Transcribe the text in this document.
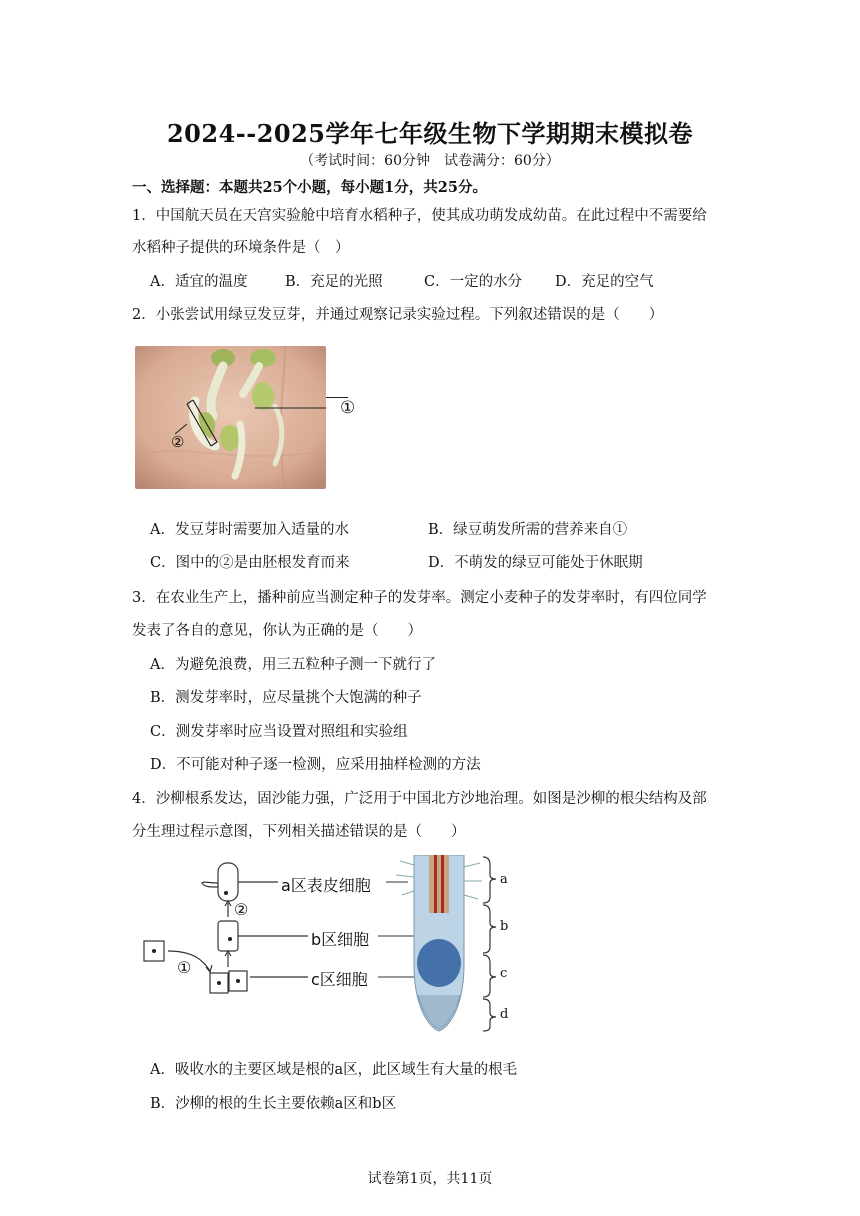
2024--2025学年七年级生物下学期期末模拟卷
（考试时间：60分钟　试卷满分：60分）
一、选择题：本题共25个小题，每小题1分，共25分。
1．中国航天员在天宫实验舱中培育水稻种子，使其成功萌发成幼苗。在此过程中不需要给
水稻种子提供的环境条件是（　）
A．适宜的温度	B．充足的光照	C．一定的水分 D．充足的空气
2．小张尝试用绿豆发豆芽，并通过观察记录实验过程。下列叙述错误的是（　　）
②
①
A．发豆芽时需要加入适量的水	B．绿豆萌发所需的营养来自①
C．图中的②是由胚根发育而来	D．不萌发的绿豆可能处于休眠期
3．在农业生产上，播种前应当测定种子的发芽率。测定小麦种子的发芽率时，有四位同学
发表了各自的意见，你认为正确的是（　　）
A．为避免浪费，用三五粒种子测一下就行了
B．测发芽率时，应尽量挑个大饱满的种子
C．测发芽率时应当设置对照组和实验组
D．不可能对种子逐一检测，应采用抽样检测的方法
4．沙柳根系发达，固沙能力强，广泛用于中国北方沙地治理。如图是沙柳的根尖结构及部
分生理过程示意图，下列相关描述错误的是（　　）
a区表皮细胞
b区细胞
c区细胞
①
②
a
b
c
d
A．吸收水的主要区域是根的a区，此区域生有大量的根毛
B．沙柳的根的生长主要依赖a区和b区
试卷第1页，共11页
